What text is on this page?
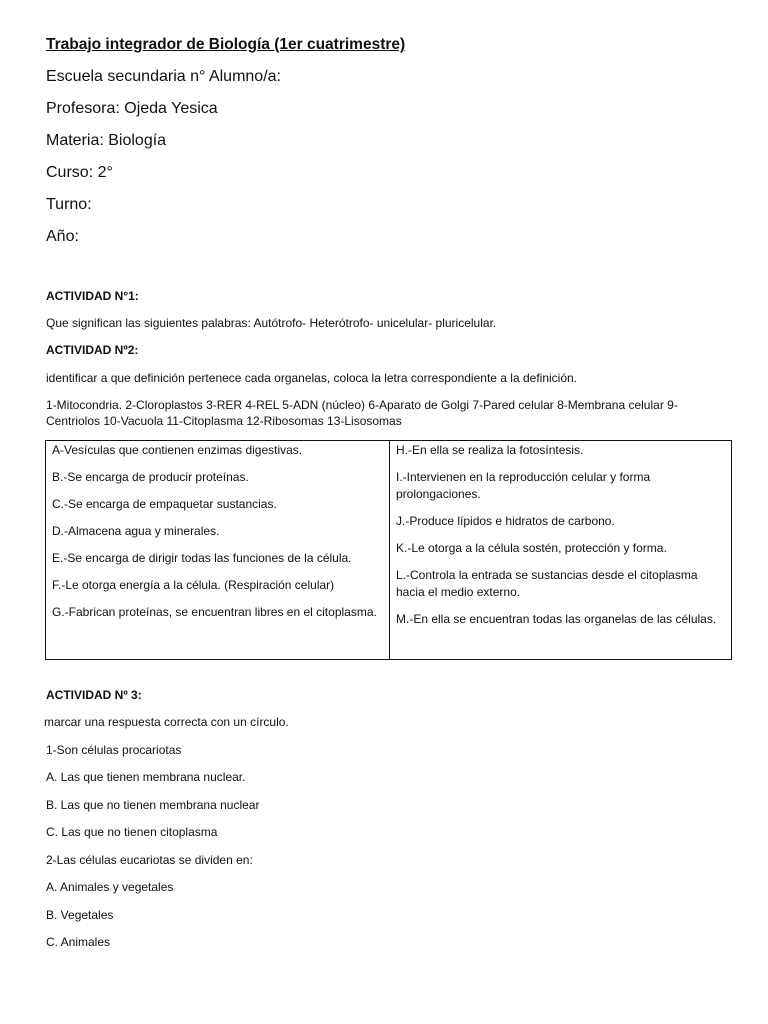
Trabajo integrador de Biología (1er cuatrimestre)
Escuela secundaria n° Alumno/a:
Profesora: Ojeda Yesica
Materia: Biología
Curso: 2°
Turno:
Año:
ACTIVIDAD N°1:
Que significan las siguientes palabras: Autótrofo- Heterótrofo- unicelular- pluricelular.
ACTIVIDAD Nº2:
identificar a que definición pertenece cada organelas, coloca la letra correspondiente a la definición.
1-Mitocondria. 2-Cloroplastos 3-RER 4-REL 5-ADN (núcleo) 6-Aparato de Golgi 7-Pared celular 8-Membrana celular 9-
Centriolos 10-Vacuola 11-Citoplasma 12-Ribosomas 13-Lisosomas
A-Vesículas que contienen enzimas digestivas.
B.-Se encarga de producir proteínas.
C.-Se encarga de empaquetar sustancias.
D.-Almacena agua y minerales.
E.-Se encarga de dirigir todas las funciones de la célula.
F.-Le otorga energía a la célula. (Respiración celular)
G.-Fabrican proteínas, se encuentran libres en el citoplasma.

H.-En ella se realiza la fotosíntesis.
I.-Intervienen en la reproducción celular y forma prolongaciones.
J.-Produce lípidos e hidratos de carbono.
K.-Le otorga a la célula sostén, protección y forma.
L.-Controla la entrada se sustancias desde el citoplasma hacia el medio externo.
M.-En ella se encuentran todas las organelas de las células.
ACTIVIDAD Nº 3:
marcar una respuesta correcta con un círculo.
1-Son células procariotas
A. Las que tienen membrana nuclear.
B. Las que no tienen membrana nuclear
C. Las que no tienen citoplasma
2-Las células eucariotas se dividen en:
A. Animales y vegetales
B. Vegetales
C. Animales
